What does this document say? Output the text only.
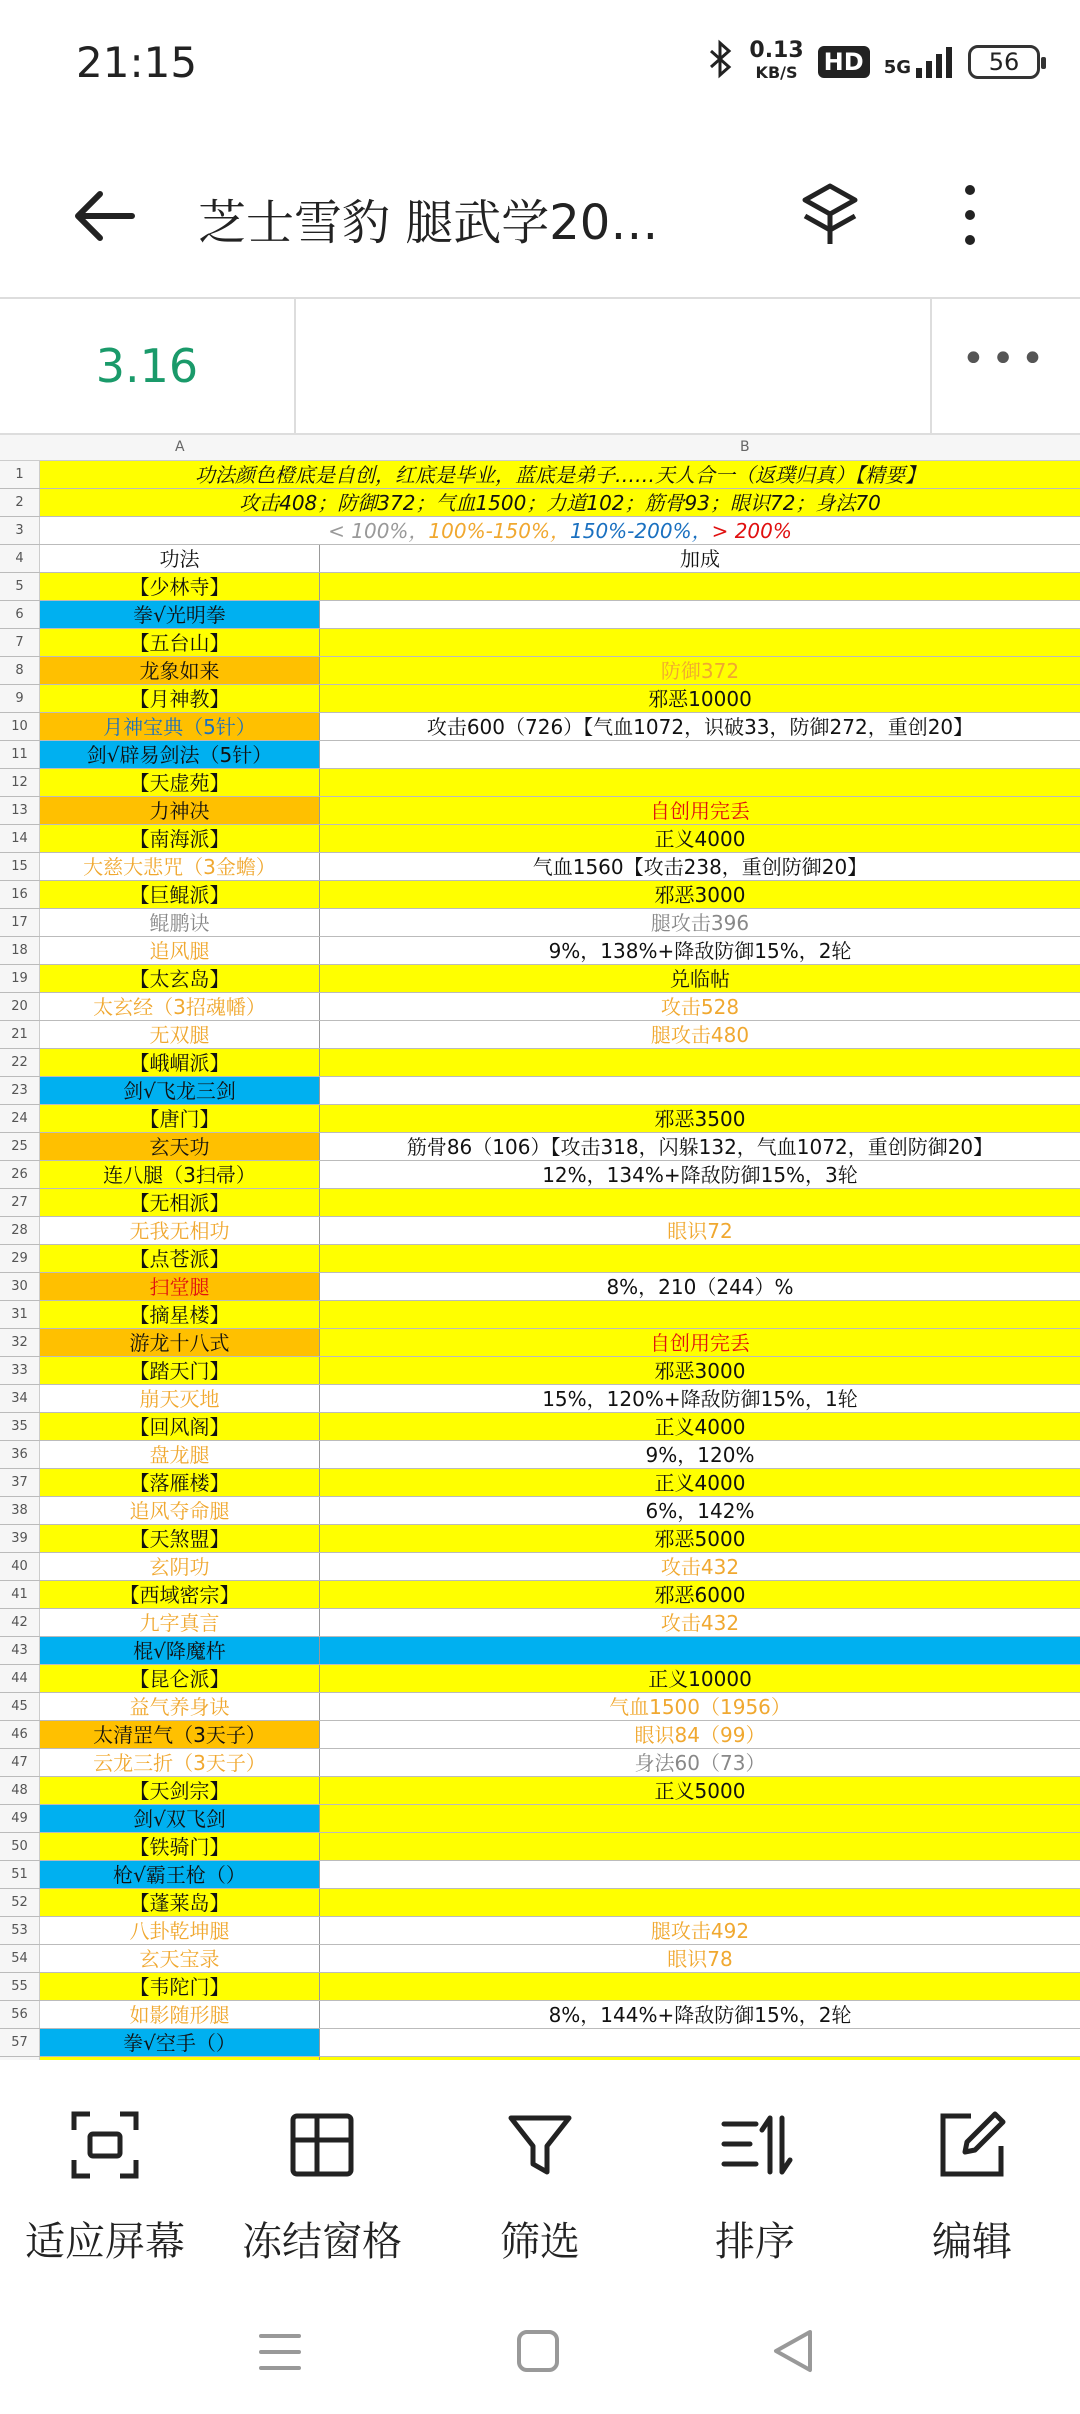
21:15	0.13
KB/S HD	5G	56
芝士雪豹 腿武学20…
3.16	•••
A	B
1	功法颜色橙底是自创，红底是毕业，蓝底是弟子……天人合一（返璞归真）【精要】
2	攻击408；防御372；气血1500；力道102；筋骨93；眼识72；身法70
3	< 100%，100%-150%，150%-200%，> 200%
4	功法	加成
5	【少林寺】
6	拳√光明拳
7	【五台山】
8	龙象如来	防御372
9	【月神教】	邪恶10000
10	月神宝典（5针）	攻击600（726）【气血1072，识破33，防御272，重创20】
11	剑√辟易剑法（5针）
12	【天虚苑】
13	力神决	自创用完丢
14	【南海派】	正义4000
15	大慈大悲咒（3金蟾）	气血1560【攻击238，重创防御20】
16	【巨鲲派】	邪恶3000
17	鲲鹏诀	腿攻击396
18	追风腿	9%，138%+降敌防御15%，2轮
19	【太玄岛】	兑临帖
20	太玄经（3招魂幡）	攻击528
21	无双腿	腿攻击480
22	【峨嵋派】
23	剑√飞龙三剑
24	【唐门】	邪恶3500
25	玄天功	筋骨86（106）【攻击318，闪躲132，气血1072，重创防御20】
26	连八腿（3扫帚）	12%，134%+降敌防御15%，3轮
27	【无相派】
28	无我无相功	眼识72
29	【点苍派】
30	扫堂腿	8%，210（244）%
31	【摘星楼】
32	游龙十八式	自创用完丢
33	【踏天门】	邪恶3000
34	崩天灭地	15%，120%+降敌防御15%，1轮
35	【回风阁】	正义4000
36	盘龙腿	9%，120%
37	【落雁楼】	正义4000
38	追风夺命腿	6%，142%
39	【天煞盟】	邪恶5000
40	玄阴功	攻击432
41	【西域密宗】	邪恶6000
42	九字真言	攻击432
43	棍√降魔杵
44	【昆仑派】	正义10000
45	益气养身诀	气血1500（1956）
46	太清罡气（3天子）	眼识84（99）
47	云龙三折（3天子）	身法60（73）
48	【天剑宗】	正义5000
49	剑√双飞剑
50	【铁骑门】
51	枪√霸王枪（）
52	【蓬莱岛】
53	八卦乾坤腿	腿攻击492
54	玄天宝录	眼识78
55	【韦陀门】
56	如影随形腿	8%，144%+降敌防御15%，2轮
57	拳√空手（）
适应屏幕	冻结窗格	筛选	排序	编辑
